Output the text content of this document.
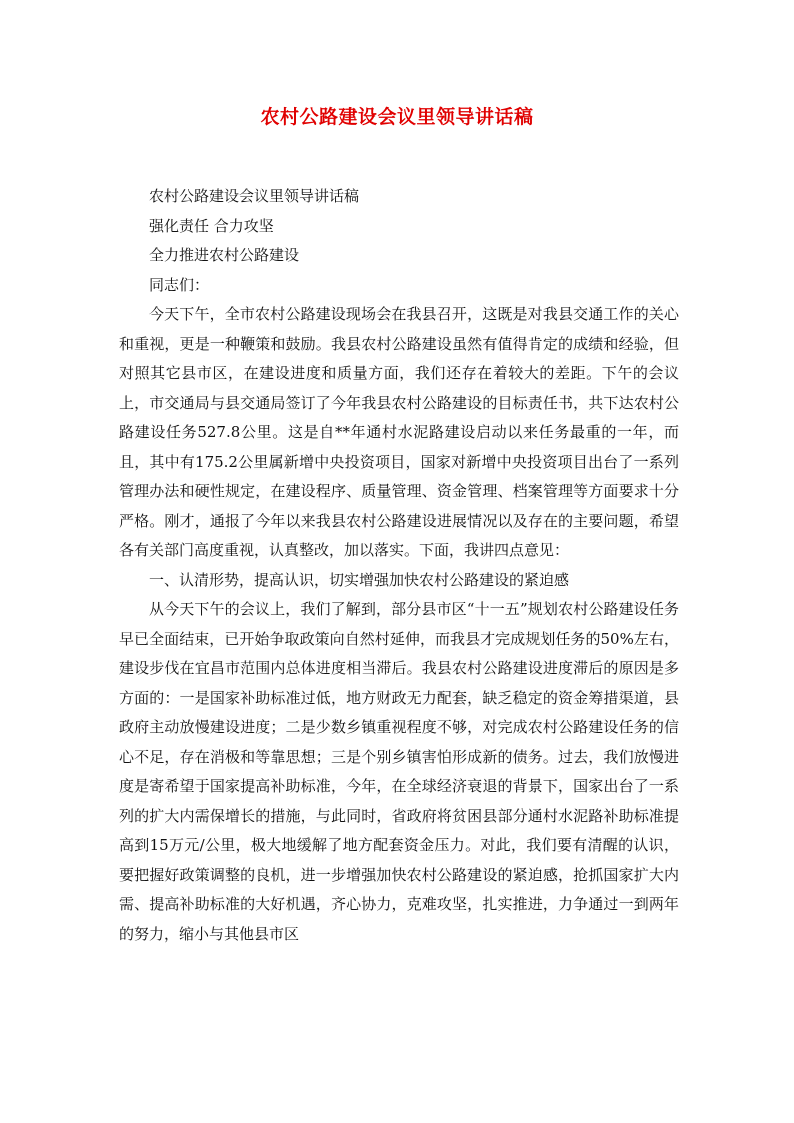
农村公路建设会议里领导讲话稿

农村公路建设会议里领导讲话稿

强化责任 合力攻坚

全力推进农村公路建设

同志们：

今天下午，全市农村公路建设现场会在我县召开，这既是对我县交通工作的关心和重视，更是一种鞭策和鼓励。我县农村公路建设虽然有值得肯定的成绩和经验，但对照其它县市区，在建设进度和质量方面，我们还存在着较大的差距。下午的会议上，市交通局与县交通局签订了今年我县农村公路建设的目标责任书，共下达农村公路建设任务527.8公里。这是自**年通村水泥路建设启动以来任务最重的一年，而且，其中有175.2公里属新增中央投资项目，国家对新增中央投资项目出台了一系列管理办法和硬性规定，在建设程序、质量管理、资金管理、档案管理等方面要求十分严格。刚才，通报了今年以来我县农村公路建设进展情况以及存在的主要问题，希望各有关部门高度重视，认真整改，加以落实。下面，我讲四点意见：

一、认清形势，提高认识，切实增强加快农村公路建设的紧迫感

从今天下午的会议上，我们了解到，部分县市区“十一五”规划农村公路建设任务早已全面结束，已开始争取政策向自然村延伸，而我县才完成规划任务的50%左右，建设步伐在宜昌市范围内总体进度相当滞后。我县农村公路建设进度滞后的原因是多方面的：一是国家补助标准过低，地方财政无力配套，缺乏稳定的资金筹措渠道，县政府主动放慢建设进度；二是少数乡镇重视程度不够，对完成农村公路建设任务的信心不足，存在消极和等靠思想；三是个别乡镇害怕形成新的债务。过去，我们放慢进度是寄希望于国家提高补助标准，今年，在全球经济衰退的背景下，国家出台了一系列的扩大内需保增长的措施，与此同时，省政府将贫困县部分通村水泥路补助标准提高到15万元/公里，极大地缓解了地方配套资金压力。对此，我们要有清醒的认识，要把握好政策调整的良机，进一步增强加快农村公路建设的紧迫感，抢抓国家扩大内需、提高补助标准的大好机遇，齐心协力，克难攻坚，扎实推进，力争通过一到两年的努力，缩小与其他县市区
